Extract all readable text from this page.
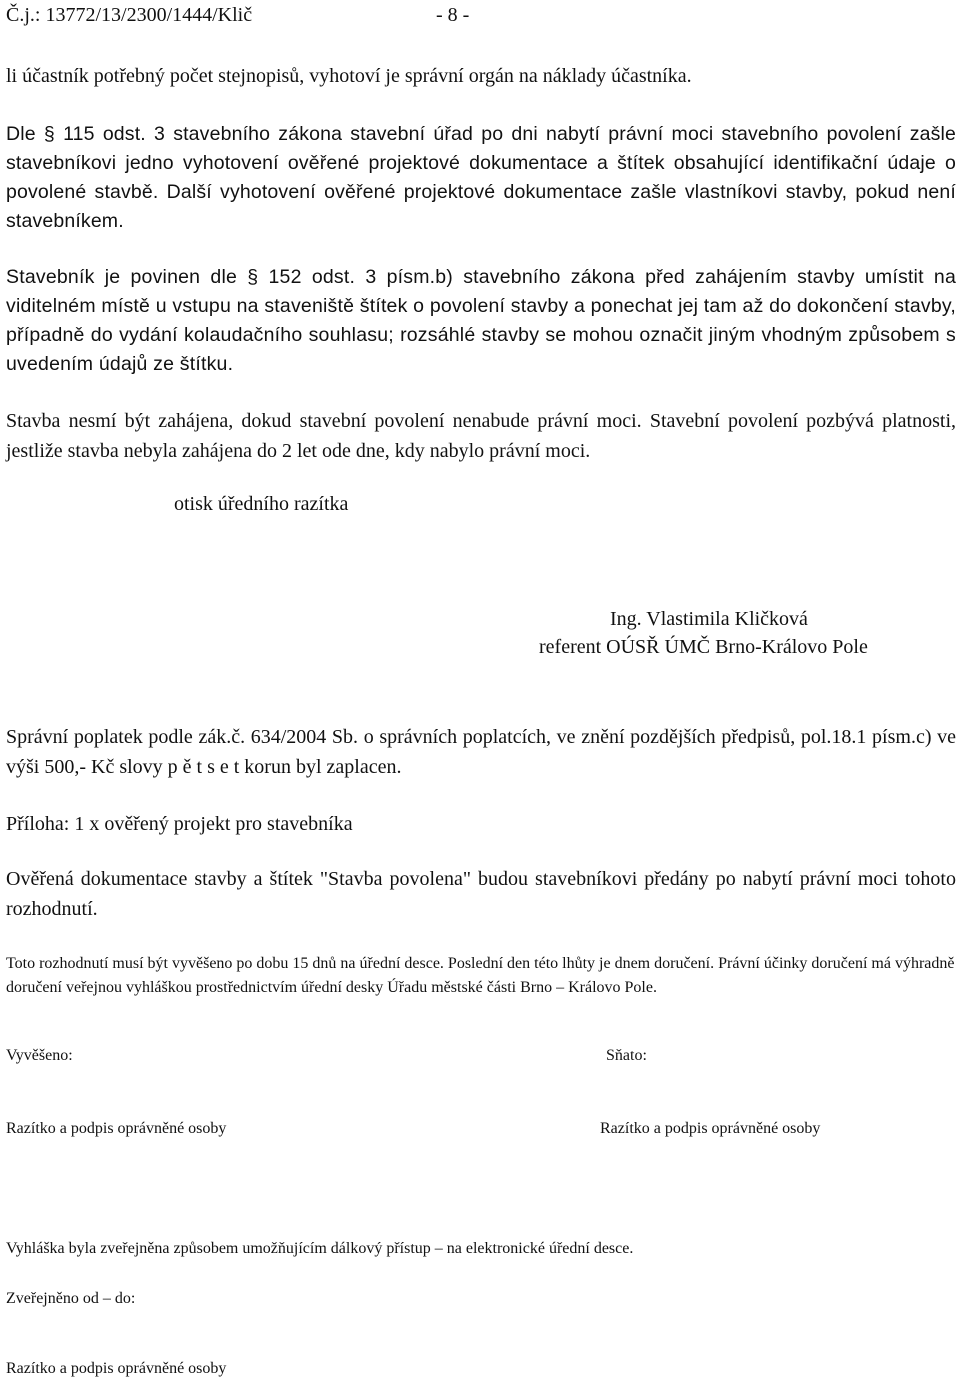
Č.j.: 13772/13/2300/1444/Klič	- 8 -

li účastník potřebný počet stejnopisů, vyhotoví je správní orgán na náklady účastníka.

Dle § 115 odst. 3 stavebního zákona stavební úřad po dni nabytí právní moci stavebního povolení zašle stavebníkovi jedno vyhotovení ověřené projektové dokumentace a štítek obsahující identifikační údaje o povolené stavbě. Další vyhotovení ověřené projektové dokumentace zašle vlastníkovi stavby, pokud není stavebníkem.

Stavebník je povinen dle § 152 odst. 3 písm.b) stavebního zákona před zahájením stavby umístit na viditelném místě u vstupu na staveniště štítek o povolení stavby a ponechat jej tam až do dokončení stavby, případně do vydání kolaudačního souhlasu; rozsáhlé stavby se mohou označit jiným vhodným způsobem s uvedením údajů ze štítku.

Stavba nesmí být zahájena, dokud stavební povolení nenabude právní moci. Stavební povolení pozbývá platnosti, jestliže stavba nebyla zahájena do 2 let ode dne, kdy nabylo právní moci.

otisk úředního razítka
Ing. Vlastimila Kličková
referent OÚSŘ ÚMČ Brno-Královo Pole

Správní poplatek podle zák.č. 634/2004 Sb. o správních poplatcích, ve znění pozdějších předpisů, pol.18.1 písm.c) ve výši 500,- Kč slovy p ě t s e t korun byl zaplacen.

Příloha: 1 x ověřený projekt pro stavebníka

Ověřená dokumentace stavby a štítek "Stavba povolena" budou stavebníkovi předány po nabytí právní moci tohoto rozhodnutí.

Toto rozhodnutí musí být vyvěšeno po dobu 15 dnů na úřední desce. Poslední den této lhůty je dnem doručení. Právní účinky doručení má výhradně doručení veřejnou vyhláškou prostřednictvím úřední desky Úřadu městské části Brno – Královo Pole.

Vyvěšeno:	Sňato:
Razítko a podpis oprávněné osoby	Razítko a podpis oprávněné osoby
Vyhláška byla zveřejněna způsobem umožňujícím dálkový přístup – na elektronické úřední desce.
Zveřejněno od – do:
Razítko a podpis oprávněné osoby
